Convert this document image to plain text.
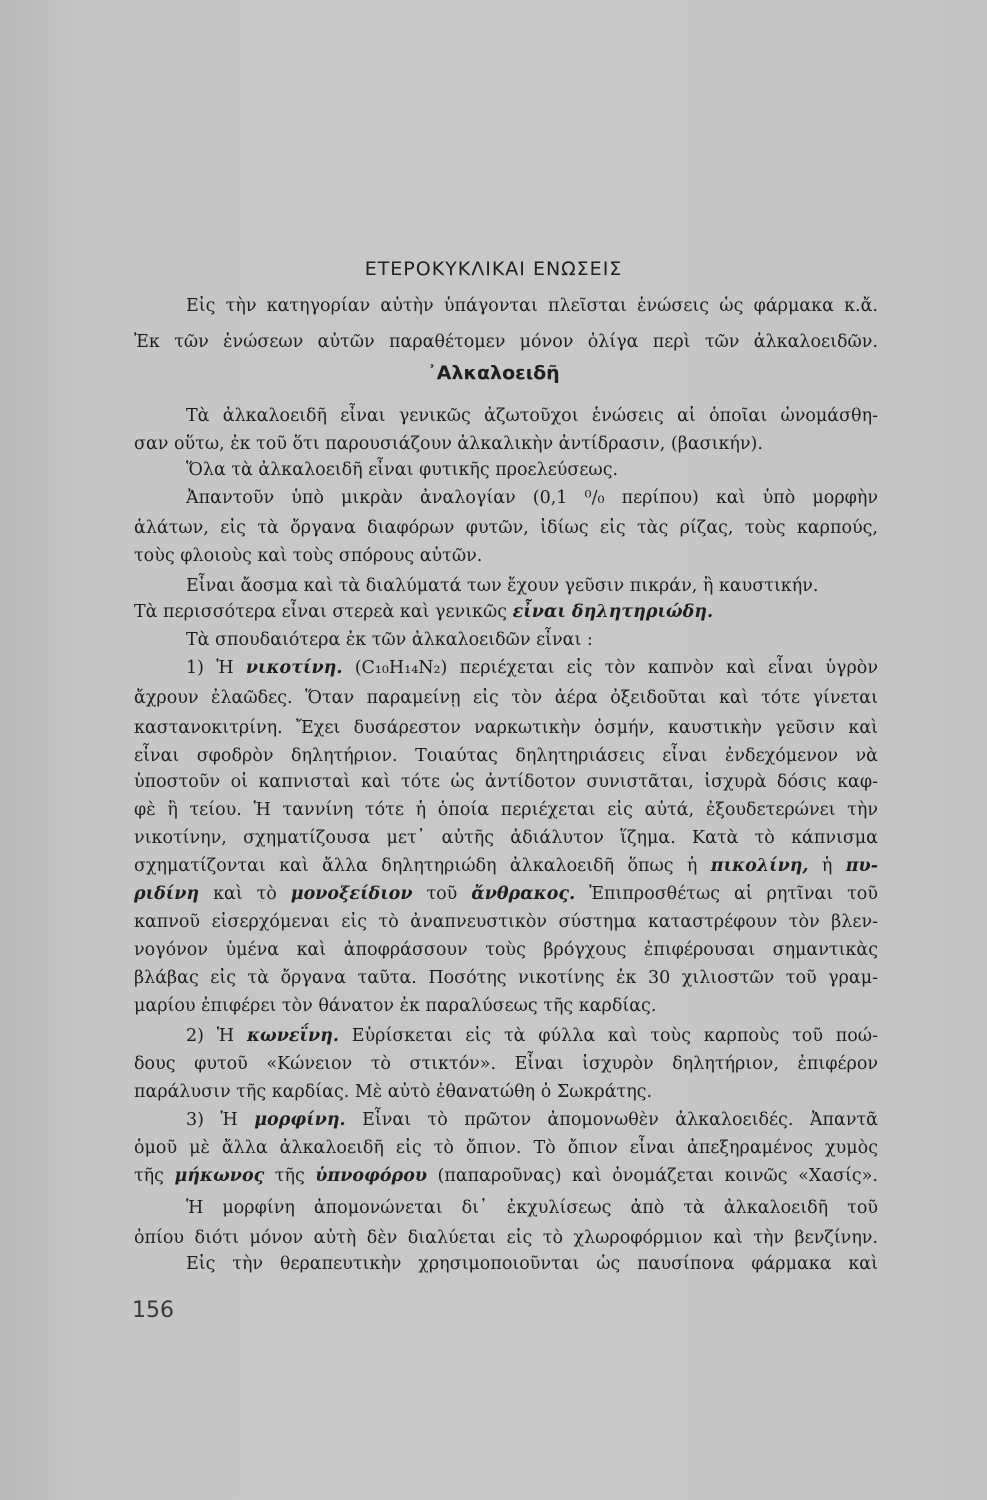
ΕΤΕΡΟΚΥΚΛΙΚΑΙ ΕΝΩΣΕΙΣ
Εἰς τὴν κατηγορίαν αὐτὴν ὑπάγονται πλεῖσται ἑνώσεις ὡς φάρμακα κ.ἄ.
Ἐκ τῶν ἑνώσεων αὐτῶν παραθέτομεν μόνον ὀλίγα περὶ τῶν ἀλκαλοειδῶν.
᾿Αλκαλοειδῆ
Τὰ ἀλκαλοειδῆ εἶναι γενικῶς ἀζωτοῦχοι ἑνώσεις αἱ ὁποῖαι ὠνομάσθη-
σαν οὕτω, ἐκ τοῦ ὅτι παρουσιάζουν ἀλκαλικὴν ἀντίδρασιν, (βασικήν).
Ὅλα τὰ ἀλκαλοειδῆ εἶναι φυτικῆς προελεύσεως.
Ἀπαντοῦν ὑπὸ μικρὰν ἀναλογίαν (0,1 ⁰/₀ περίπου) καὶ ὑπὸ μορφὴν
ἁλάτων, εἰς τὰ ὄργανα διαφόρων φυτῶν, ἰδίως εἰς τὰς ρίζας, τοὺς καρπούς,
τοὺς φλοιοὺς καὶ τοὺς σπόρους αὐτῶν.
Εἶναι ἄοσμα καὶ τὰ διαλύματά των ἔχουν γεῦσιν πικράν, ἢ καυστικήν.
Τὰ περισσότερα εἶναι στερεὰ καὶ γενικῶς εἶναι δηλητηριώδη.
Τὰ σπουδαιότερα ἐκ τῶν ἀλκαλοειδῶν εἶναι :
1) Ἡ νικοτίνη. (C₁₀H₁₄N₂) περιέχεται εἰς τὸν καπνὸν καὶ εἶναι ὑγρὸν
ἄχρουν ἐλαῶδες. Ὅταν παραμείνῃ εἰς τὸν ἀέρα ὀξειδοῦται καὶ τότε γίνεται
καστανοκιτρίνη. Ἔχει δυσάρεστον ναρκωτικὴν ὀσμήν, καυστικὴν γεῦσιν καὶ
εἶναι σφοδρὸν δηλητήριον. Τοιαύτας δηλητηριάσεις εἶναι ἐνδεχόμενον νὰ
ὑποστοῦν οἱ καπνισταὶ καὶ τότε ὡς ἀντίδοτον συνιστᾶται, ἰσχυρὰ δόσις καφ-
φὲ ἢ τείου. Ἡ ταννίνη τότε ἡ ὁποία περιέχεται εἰς αὐτά, ἐξουδετερώνει τὴν
νικοτίνην, σχηματίζουσα μετ᾿ αὐτῆς ἀδιάλυτον ἵζημα. Κατὰ τὸ κάπνισμα
σχηματίζονται καὶ ἄλλα δηλητηριώδη ἀλκαλοειδῆ ὅπως ἡ πικολίνη, ἡ πυ-
ριδίνη καὶ τὸ μονοξείδιον τοῦ ἄνθρακος. Ἐπιπροσθέτως αἱ ρητῖναι τοῦ
καπνοῦ εἰσερχόμεναι εἰς τὸ ἀναπνευστικὸν σύστημα καταστρέφουν τὸν βλεν-
νογόνον ὑμένα καὶ ἀποφράσσουν τοὺς βρόγχους ἐπιφέρουσαι σημαντικὰς
βλάβας εἰς τὰ ὄργανα ταῦτα. Ποσότης νικοτίνης ἐκ 30 χιλιοστῶν τοῦ γραμ-
μαρίου ἐπιφέρει τὸν θάνατον ἐκ παραλύσεως τῆς καρδίας.
2) Ἡ κωνεΐνη. Εὑρίσκεται εἰς τὰ φύλλα καὶ τοὺς καρποὺς τοῦ ποώ-
δους φυτοῦ «Κώνειον τὸ στικτόν». Εἶναι ἰσχυρὸν δηλητήριον, ἐπιφέρον
παράλυσιν τῆς καρδίας. Μὲ αὐτὸ ἐθανατώθη ὁ Σωκράτης.
3) Ἡ μορφίνη. Εἶναι τὸ πρῶτον ἀπομονωθὲν ἀλκαλοειδές. Ἀπαντᾶ
ὁμοῦ μὲ ἄλλα ἀλκαλοειδῆ εἰς τὸ ὄπιον. Τὸ ὄπιον εἶναι ἀπεξηραμένος χυμὸς
τῆς μήκωνος τῆς ὑπνοφόρου (παπαροῦνας) καὶ ὀνομάζεται κοινῶς «Χασίς».
Ἡ μορφίνη ἀπομονώνεται δι᾿ ἐκχυλίσεως ἀπὸ τὰ ἀλκαλοειδῆ τοῦ
ὀπίου διότι μόνον αὐτὴ δὲν διαλύεται εἰς τὸ χλωροφόρμιον καὶ τὴν βενζίνην.
Εἰς τὴν θεραπευτικὴν χρησιμοποιοῦνται ὡς παυσίπονα φάρμακα καὶ
156
